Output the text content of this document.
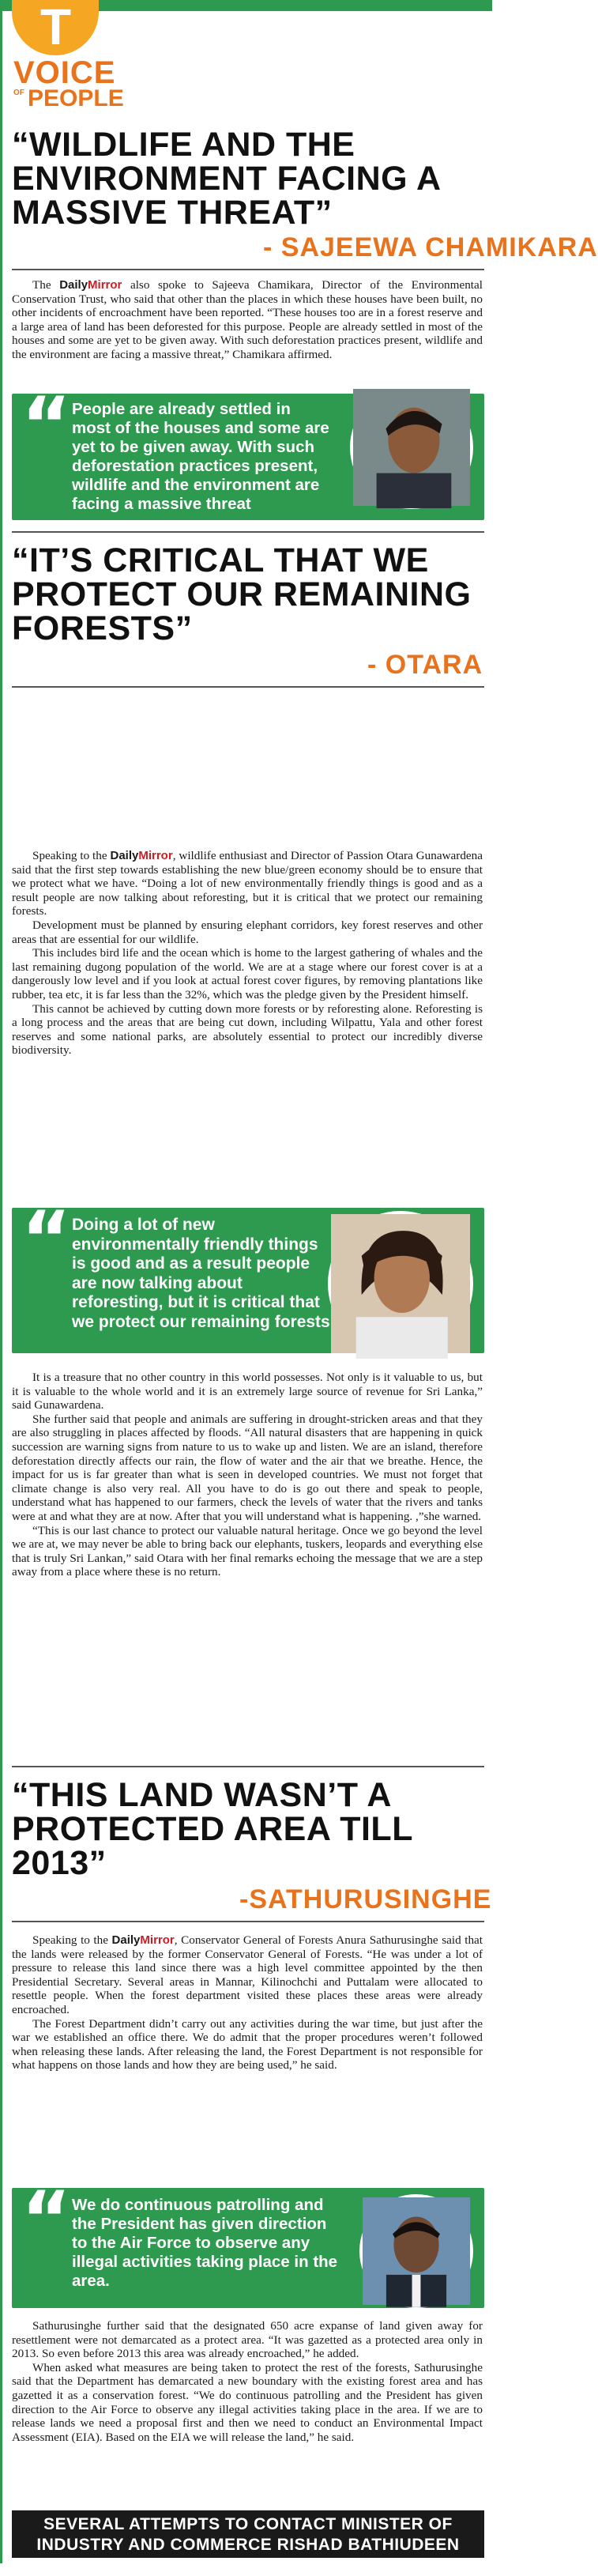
T
VOICE
OF PEOPLE
“WILDLIFE AND THE ENVIRONMENT FACING A MASSIVE THREAT”
- SAJEEWA CHAMIKARA

The DailyMirror also spoke to Sajeeva Chamikara, Director of the Environmental Conservation Trust, who said that other than the places in which these houses have been built, no other incidents of encroachment have been reported. “These houses too are in a forest reserve and a large area of land has been deforested for this purpose. People are already settled in most of the houses and some are yet to be given away. With such deforestation practices present, wildlife and the environment are facing a massive threat,” Chamikara affirmed.

“ People are already settled in most of the houses and some are yet to be given away. With such deforestation practices present, wildlife and the environment are facing a massive threat

“IT’S CRITICAL THAT WE PROTECT OUR REMAINING FORESTS”
- OTARA

Speaking to the DailyMirror, wildlife enthusiast and Director of Passion Otara Gunawardena said that the first step towards establishing the new blue/green economy should be to ensure that we protect what we have. “Doing a lot of new environmentally friendly things is good and as a result people are now talking about reforesting, but it is critical that we protect our remaining forests.

Development must be planned by ensuring elephant corridors, key forest reserves and other areas that are essential for our wildlife.

This includes bird life and the ocean which is home to the largest gathering of whales and the last remaining dugong population of the world. We are at a stage where our forest cover is at a dangerously low level and if you look at actual forest cover figures, by removing plantations like rubber, tea etc, it is far less than the 32%, which was the pledge given by the President himself.

This cannot be achieved by cutting down more forests or by reforesting alone. Reforesting is a long process and the areas that are being cut down, including Wilpattu, Yala and other forest reserves and some national parks, are absolutely essential to protect our incredibly diverse biodiversity.

“ Doing a lot of new environmentally friendly things is good and as a result people are now talking about reforesting, but it is critical that we protect our remaining forests

It is a treasure that no other country in this world possesses. Not only is it valuable to us, but it is valuable to the whole world and it is an extremely large source of revenue for Sri Lanka,” said Gunawardena.

She further said that people and animals are suffering in drought-stricken areas and that they are also struggling in places affected by floods. “All natural disasters that are happening in quick succession are warning signs from nature to us to wake up and listen. We are an island, therefore deforestation directly affects our rain, the flow of water and the air that we breathe. Hence, the impact for us is far greater than what is seen in developed countries. We must not forget that climate change is also very real. All you have to do is go out there and speak to people, understand what has happened to our farmers, check the levels of water that the rivers and tanks were at and what they are at now. After that you will understand what is happening. ,”she warned.

“This is our last chance to protect our valuable natural heritage. Once we go beyond the level we are at, we may never be able to bring back our elephants, tuskers, leopards and everything else that is truly Sri Lankan,” said Otara with her final remarks echoing the message that we are a step away from a place where these is no return.

“THIS LAND WASN’T A PROTECTED AREA TILL 2013”
-SATHURUSINGHE

Speaking to the DailyMirror, Conservator General of Forests Anura Sathurusinghe said that the lands were released by the former Conservator General of Forests. “He was under a lot of pressure to release this land since there was a high level committee appointed by the then Presidential Secretary. Several areas in Mannar, Kilinochchi and Puttalam were allocated to resettle people. When the forest department visited these places these areas were already encroached.

The Forest Department didn’t carry out any activities during the war time, but just after the war we established an office there. We do admit that the proper procedures weren’t followed when releasing these lands. After releasing the land, the Forest Department is not responsible for what happens on those lands and how they are being used,” he said.

“ We do continuous patrolling and the President has given direction to the Air Force to observe any illegal activities taking place in the area.

Sathurusinghe further said that the designated 650 acre expanse of land given away for resettlement were not demarcated as a protect area. “It was gazetted as a protected area only in 2013. So even before 2013 this area was already encroached,” he added.

When asked what measures are being taken to protect the rest of the forests, Sathurusinghe said that the Department has demarcated a new boundary with the existing forest area and has gazetted it as a conservation forest. “We do continuous patrolling and the President has given direction to the Air Force to observe any illegal activities taking place in the area. If we are to release lands we need a proposal first and then we need to conduct an Environmental Impact Assessment (EIA). Based on the EIA we will release the land,” he said.

SEVERAL ATTEMPTS TO CONTACT MINISTER OF INDUSTRY AND COMMERCE RISHAD BATHIUDEEN PROVED FUTILE.
